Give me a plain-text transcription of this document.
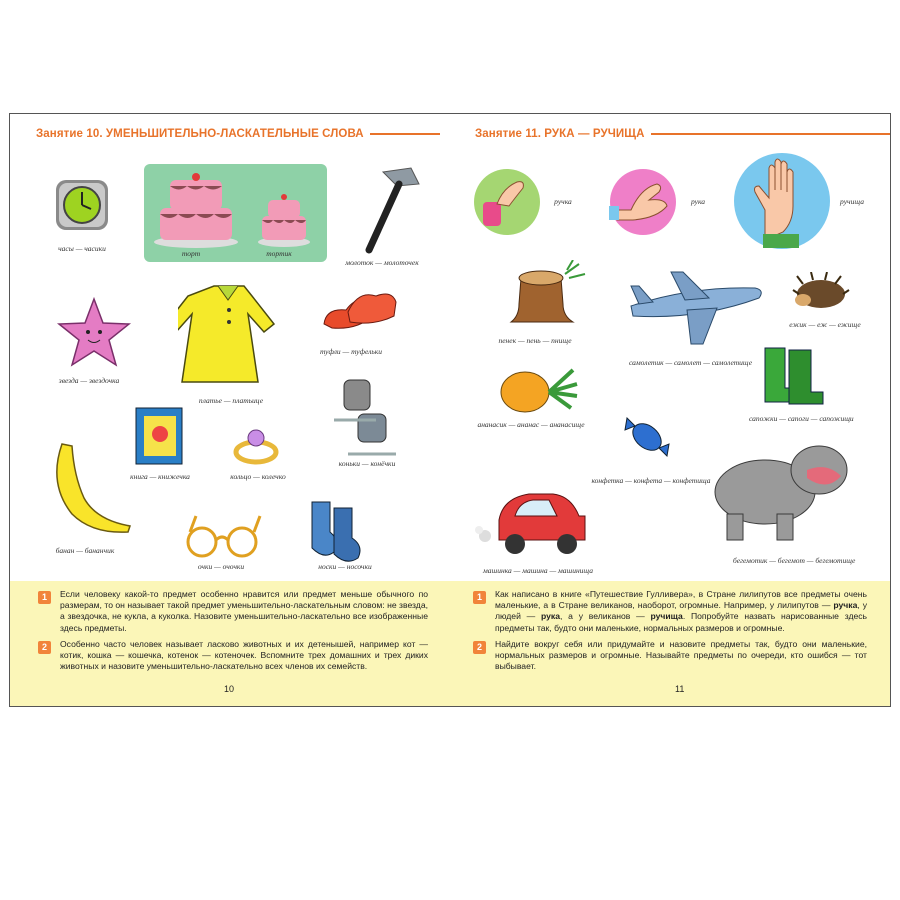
Занятие 10. УМЕНЬШИТЕЛЬНО-ЛАСКАТЕЛЬНЫЕ СЛОВА
часы — часики
торт	тортик
молоток — молоточек
звезда — звездочка
платье — платьице
туфли — туфельки
книга — книжечка	кольцо — колечко
коньки — конёчки
банан — бананчик
очки — очочки	носки — носочки
1	Если человеку какой-то предмет особенно нравится или предмет меньше обычного по размерам, то он называет такой предмет уменьшительно-ласкательным словом: не звезда, а звездочка, не кукла, а куколка. Назовите уменьшительно-ласкательно все изображенные здесь предметы.
2	Особенно часто человек называет ласково животных и их детенышей, например кот — котик, кошка — кошечка, котенок — котеночек. Вспомните трех домашних и трех диких животных и назовите уменьшительно-ласкательно всех членов их семейств.
10
Занятие 11. РУКА — РУЧИЩА
ручка	рука	ручища
пенек — пень — пнище
самолетик — самолет — самолетище
ежик — еж — ежище
ананасик — ананас — ананасище
сапожки — сапоги — сапожищи
конфетка — конфета — конфетища
бегемотик — бегемот — бегемотище
машинка — машина — машинища
1	Как написано в книге «Путешествие Гулливера», в Стране лилипутов все предметы очень маленькие, а в Стране великанов, наоборот, огромные. Например, у лилипутов — ручка, у людей — рука, а у великанов — ручища. Попробуйте назвать нарисованные здесь предметы так, будто они маленькие, нормальных размеров и огромные.
2	Найдите вокруг себя или придумайте и назовите предметы так, будто они маленькие, нормальных размеров и огромные. Называйте предметы по очереди, кто ошибся — тот выбывает.
11
